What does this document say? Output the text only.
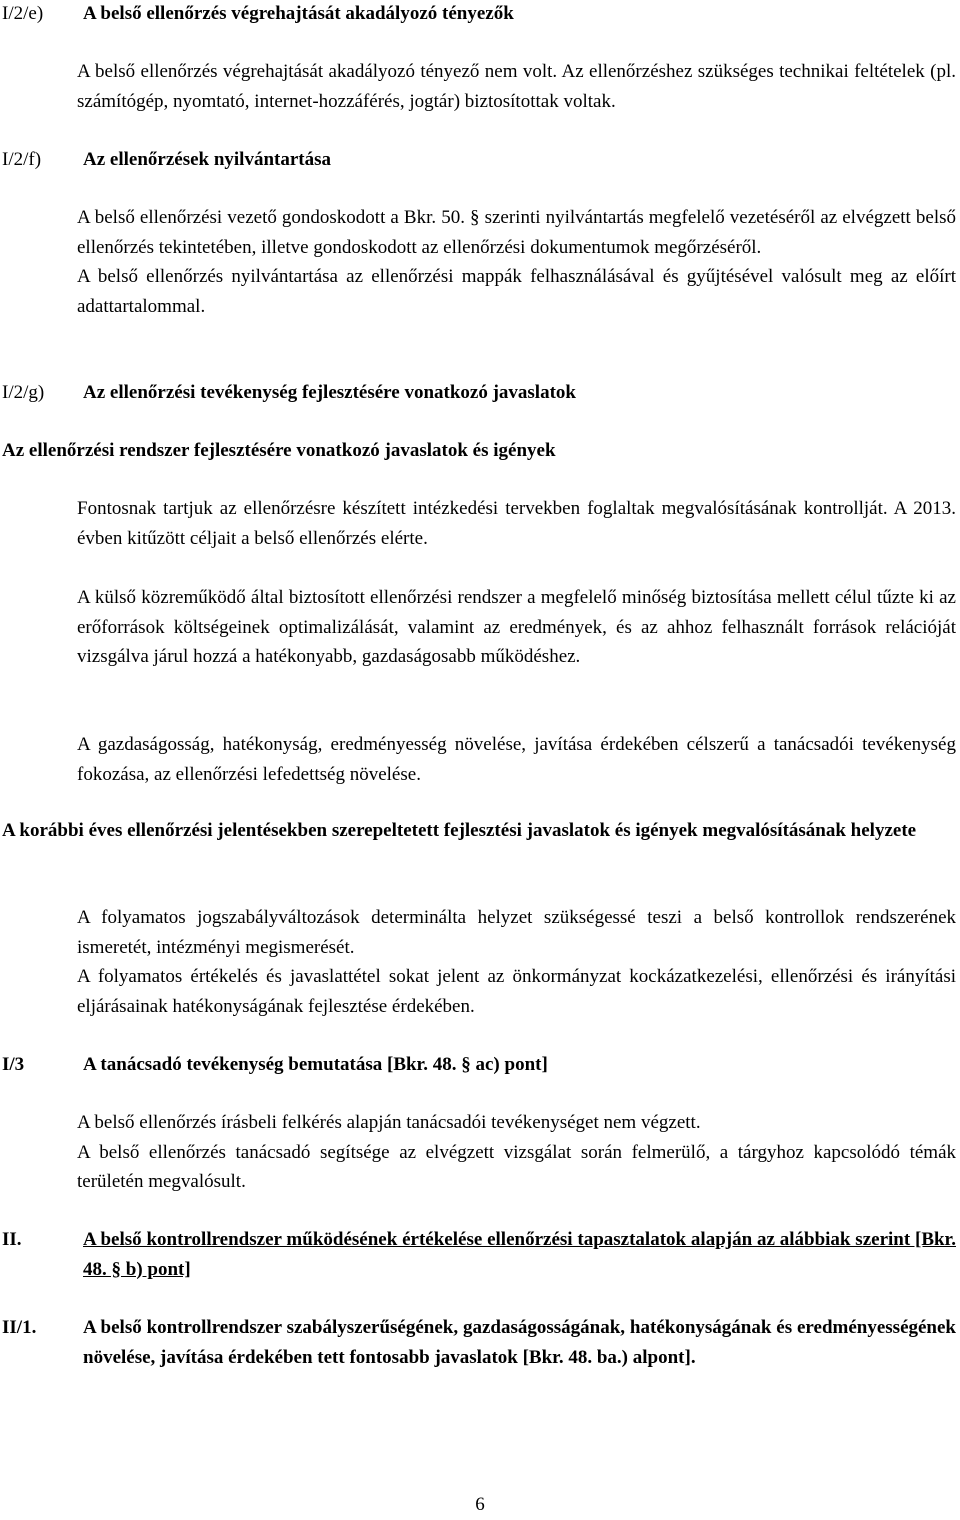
I/2/e) A belső ellenőrzés végrehajtását akadályozó tényezők

A belső ellenőrzés végrehajtását akadályozó tényező nem volt. Az ellenőrzéshez szükséges technikai feltételek (pl. számítógép, nyomtató, internet-hozzáférés, jogtár) biztosítottak voltak.

I/2/f) Az ellenőrzések nyilvántartása

A belső ellenőrzési vezető gondoskodott a Bkr. 50. § szerinti nyilvántartás megfelelő vezetéséről az elvégzett belső ellenőrzés tekintetében, illetve gondoskodott az ellenőrzési dokumentumok megőrzéséről.

A belső ellenőrzés nyilvántartása az ellenőrzési mappák felhasználásával és gyűjtésével valósult meg az előírt adattartalommal.

I/2/g) Az ellenőrzési tevékenység fejlesztésére vonatkozó javaslatok
Az ellenőrzési rendszer fejlesztésére vonatkozó javaslatok és igények

Fontosnak tartjuk az ellenőrzésre készített intézkedési tervekben foglaltak megvalósításának kontrollját. A 2013. évben kitűzött céljait a belső ellenőrzés elérte.

A külső közreműködő által biztosított ellenőrzési rendszer a megfelelő minőség biztosítása mellett célul tűzte ki az erőforrások költségeinek optimalizálását, valamint az eredmények, és az ahhoz felhasznált források relációját vizsgálva járul hozzá a hatékonyabb, gazdaságosabb működéshez.

A gazdaságosság, hatékonyság, eredményesség növelése, javítása érdekében célszerű a tanácsadói tevékenység fokozása, az ellenőrzési lefedettség növelése.

A korábbi éves ellenőrzési jelentésekben szerepeltetett fejlesztési javaslatok és igények megvalósításának helyzete

A folyamatos jogszabályváltozások determinálta helyzet szükségessé teszi a belső kontrollok rendszerének ismeretét, intézményi megismerését.

A folyamatos értékelés és javaslattétel sokat jelent az önkormányzat kockázatkezelési, ellenőrzési és irányítási eljárásainak hatékonyságának fejlesztése érdekében.

I/3	A tanácsadó tevékenység bemutatása [Bkr. 48. § ac) pont]

A belső ellenőrzés írásbeli felkérés alapján tanácsadói tevékenységet nem végzett.

A belső ellenőrzés tanácsadó segítsége az elvégzett vizsgálat során felmerülő, a tárgyhoz kapcsolódó témák területén megvalósult.

II.	A belső kontrollrendszer működésének értékelése ellenőrzési tapasztalatok alapján az alábbiak szerint [Bkr. 48. § b) pont]
II/1. A belső kontrollrendszer szabályszerűségének, gazdaságosságának, hatékonyságának és eredményességének növelése, javítása érdekében tett fontosabb javaslatok [Bkr. 48. ba.) alpont].
6
